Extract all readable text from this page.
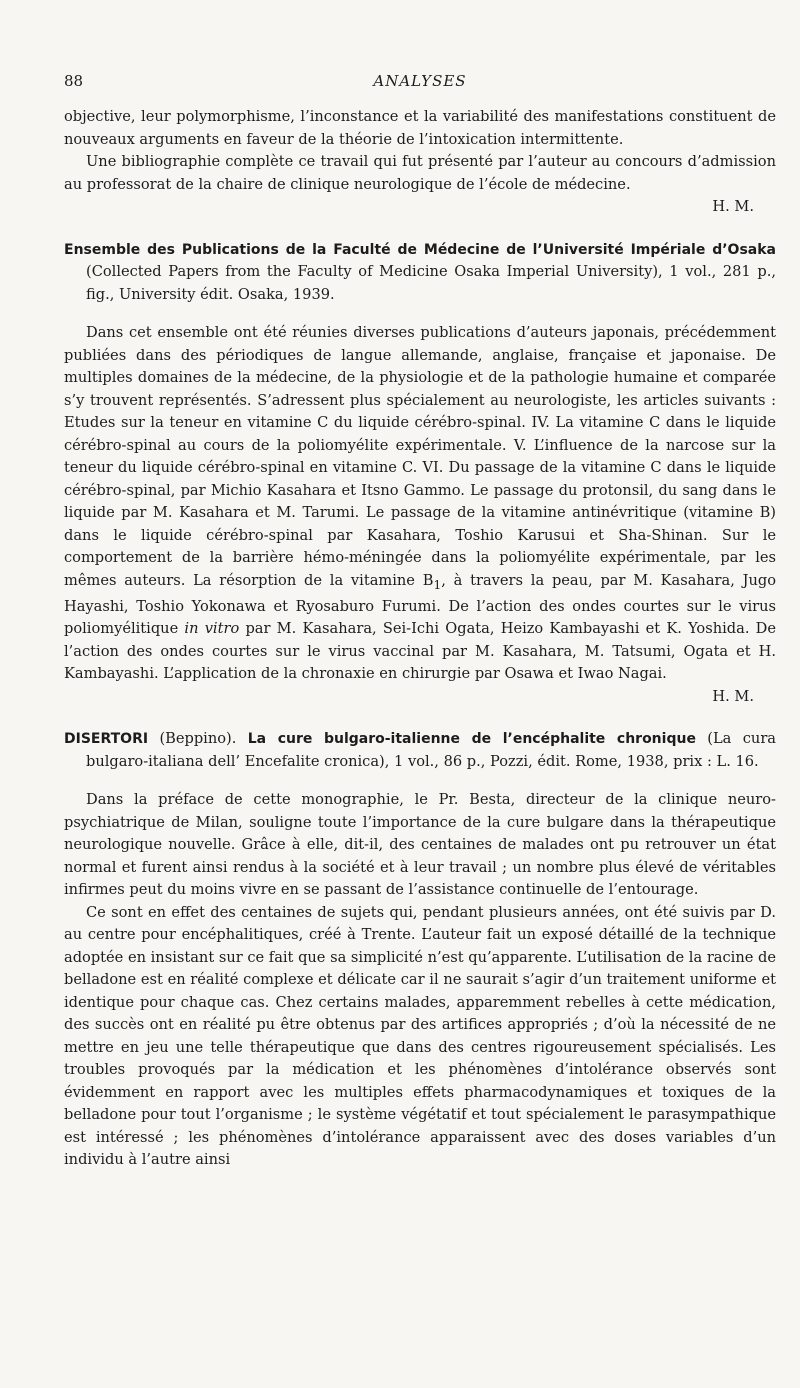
88	ANALYSES

objective, leur polymorphisme, l’inconstance et la variabilité des manifestations constituent de nouveaux arguments en faveur de la théorie de l’intoxication intermittente.

Une bibliographie complète ce travail qui fut présenté par l’auteur au concours d’admission au professorat de la chaire de clinique neurologique de l’école de médecine.

H. M.

Ensemble des Publications de la Faculté de Médecine de l’Université Impériale d’Osaka (Collected Papers from the Faculty of Medicine Osaka Imperial University), 1 vol., 281 p., fig., University édit. Osaka, 1939.

Dans cet ensemble ont été réunies diverses publications d’auteurs japonais, précédemment publiées dans des périodiques de langue allemande, anglaise, française et japonaise. De multiples domaines de la médecine, de la physiologie et de la pathologie humaine et comparée s’y trouvent représentés. S’adressent plus spécialement au neurologiste, les articles suivants : Etudes sur la teneur en vitamine C du liquide cérébro-spinal. IV. La vitamine C dans le liquide cérébro-spinal au cours de la poliomyélite expérimentale. V. L’influence de la narcose sur la teneur du liquide cérébro-spinal en vitamine C. VI. Du passage de la vitamine C dans le liquide cérébro-spinal, par Michio Kasahara et Itsno Gammo. Le passage du protonsil, du sang dans le liquide par M. Kasahara et M. Tarumi. Le passage de la vitamine antinévritique (vitamine B) dans le liquide cérébro-spinal par Kasahara, Toshio Karusui et Sha-Shinan. Sur le comportement de la barrière hémo-méningée dans la poliomyélite expérimentale, par les mêmes auteurs. La résorption de la vitamine $B_1$, à travers la peau, par M. Kasahara, Jugo Hayashi, Toshio Yokonawa et Ryosaburo Furumi. De l’action des ondes courtes sur le virus poliomyélitique in vitro par M. Kasahara, Sei-Ichi Ogata, Heizo Kambayashi et K. Yoshida. De l’action des ondes courtes sur le virus vaccinal par M. Kasahara, M. Tatsumi, Ogata et H. Kambayashi. L’application de la chronaxie en chirurgie par Osawa et Iwao Nagai.

H. M.

DISERTORI (Beppino). La cure bulgaro-italienne de l’encéphalite chronique (La cura bulgaro-italiana dell’ Encefalite cronica), 1 vol., 86 p., Pozzi, édit. Rome, 1938, prix : L. 16.

Dans la préface de cette monographie, le Pr. Besta, directeur de la clinique neuro-psychiatrique de Milan, souligne toute l’importance de la cure bulgare dans la thérapeutique neurologique nouvelle. Grâce à elle, dit-il, des centaines de malades ont pu retrouver un état normal et furent ainsi rendus à la société et à leur travail ; un nombre plus élevé de véritables infirmes peut du moins vivre en se passant de l’assistance continuelle de l’entourage.

Ce sont en effet des centaines de sujets qui, pendant plusieurs années, ont été suivis par D. au centre pour encéphalitiques, créé à Trente. L’auteur fait un exposé détaillé de la technique adoptée en insistant sur ce fait que sa simplicité n’est qu’apparente. L’utilisation de la racine de belladone est en réalité complexe et délicate car il ne saurait s’agir d’un traitement uniforme et identique pour chaque cas. Chez certains malades, apparemment rebelles à cette médication, des succès ont en réalité pu être obtenus par des artifices appropriés ; d’où la nécessité de ne mettre en jeu une telle thérapeutique que dans des centres rigoureusement spécialisés. Les troubles provoqués par la médication et les phénomènes d’intolérance observés sont évidemment en rapport avec les multiples effets pharmacodynamiques et toxiques de la belladone pour tout l’organisme ; le système végétatif et tout spécialement le parasympathique est intéressé ; les phénomènes d’intolérance apparaissent avec des doses variables d’un individu à l’autre ainsi
